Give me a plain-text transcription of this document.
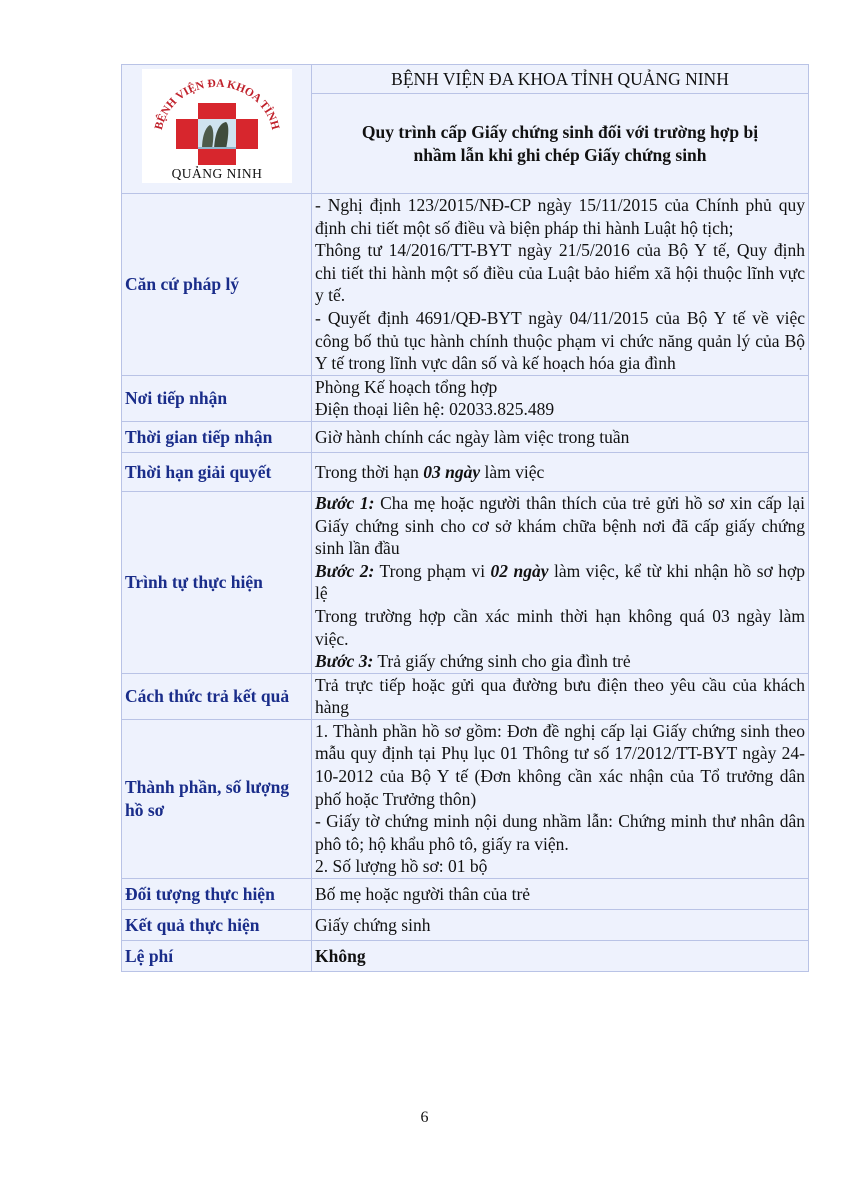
BỆNH VIỆN ĐA KHOA TỈNH
QUẢNG NINH	BỆNH VIỆN ĐA KHOA TỈNH QUẢNG NINH

	Quy trình cấp Giấy chứng sinh đối với trường hợp bị
nhầm lẫn khi ghi chép Giấy chứng sinh

Căn cứ pháp lý	- Nghị định 123/2015/NĐ-CP ngày 15/11/2015 của Chính phủ quy định chi tiết một số điều và biện pháp thi hành Luật hộ tịch;
Thông tư 14/2016/TT-BYT ngày 21/5/2016 của Bộ Y tế, Quy định chi tiết thi hành một số điều của Luật bảo hiểm xã hội thuộc lĩnh vực y tế.
- Quyết định 4691/QĐ-BYT ngày 04/11/2015 của Bộ Y tế về việc công bố thủ tục hành chính thuộc phạm vi chức năng quản lý của Bộ Y tế trong lĩnh vực dân số và kế hoạch hóa gia đình

Nơi tiếp nhận	Phòng Kế hoạch tổng hợp
Điện thoại liên hệ: 02033.825.489

Thời gian tiếp nhận	Giờ hành chính các ngày làm việc trong tuần
Thời hạn giải quyết	Trong thời hạn 03 ngày làm việc
Trình tự thực hiện	Bước 1: Cha mẹ hoặc người thân thích của trẻ gửi hồ sơ xin cấp lại Giấy chứng sinh cho cơ sở khám chữa bệnh nơi đã cấp giấy chứng sinh lần đầu
Bước 2: Trong phạm vi 02 ngày làm việc, kể từ khi nhận hồ sơ hợp lệ
Trong trường hợp cần xác minh thời hạn không quá 03 ngày làm việc.
Bước 3: Trả giấy chứng sinh cho gia đình trẻ

Cách thức trả kết quả	Trả trực tiếp hoặc gửi qua đường bưu điện theo yêu cầu của khách hàng
Thành phần, số lượng hồ sơ	1. Thành phần hồ sơ gồm: Đơn đề nghị cấp lại Giấy chứng sinh theo mẫu quy định tại Phụ lục 01 Thông tư số 17/2012/TT-BYT ngày 24-10-2012 của Bộ Y tế (Đơn không cần xác nhận của Tổ trưởng dân phố hoặc Trưởng thôn)
- Giấy tờ chứng minh nội dung nhầm lẫn: Chứng minh thư nhân dân phô tô; hộ khẩu phô tô, giấy ra viện.
2. Số lượng hồ sơ: 01 bộ

Đối tượng thực hiện	Bố mẹ hoặc người thân của trẻ
Kết quả thực hiện	Giấy chứng sinh
Lệ phí	Không
6
